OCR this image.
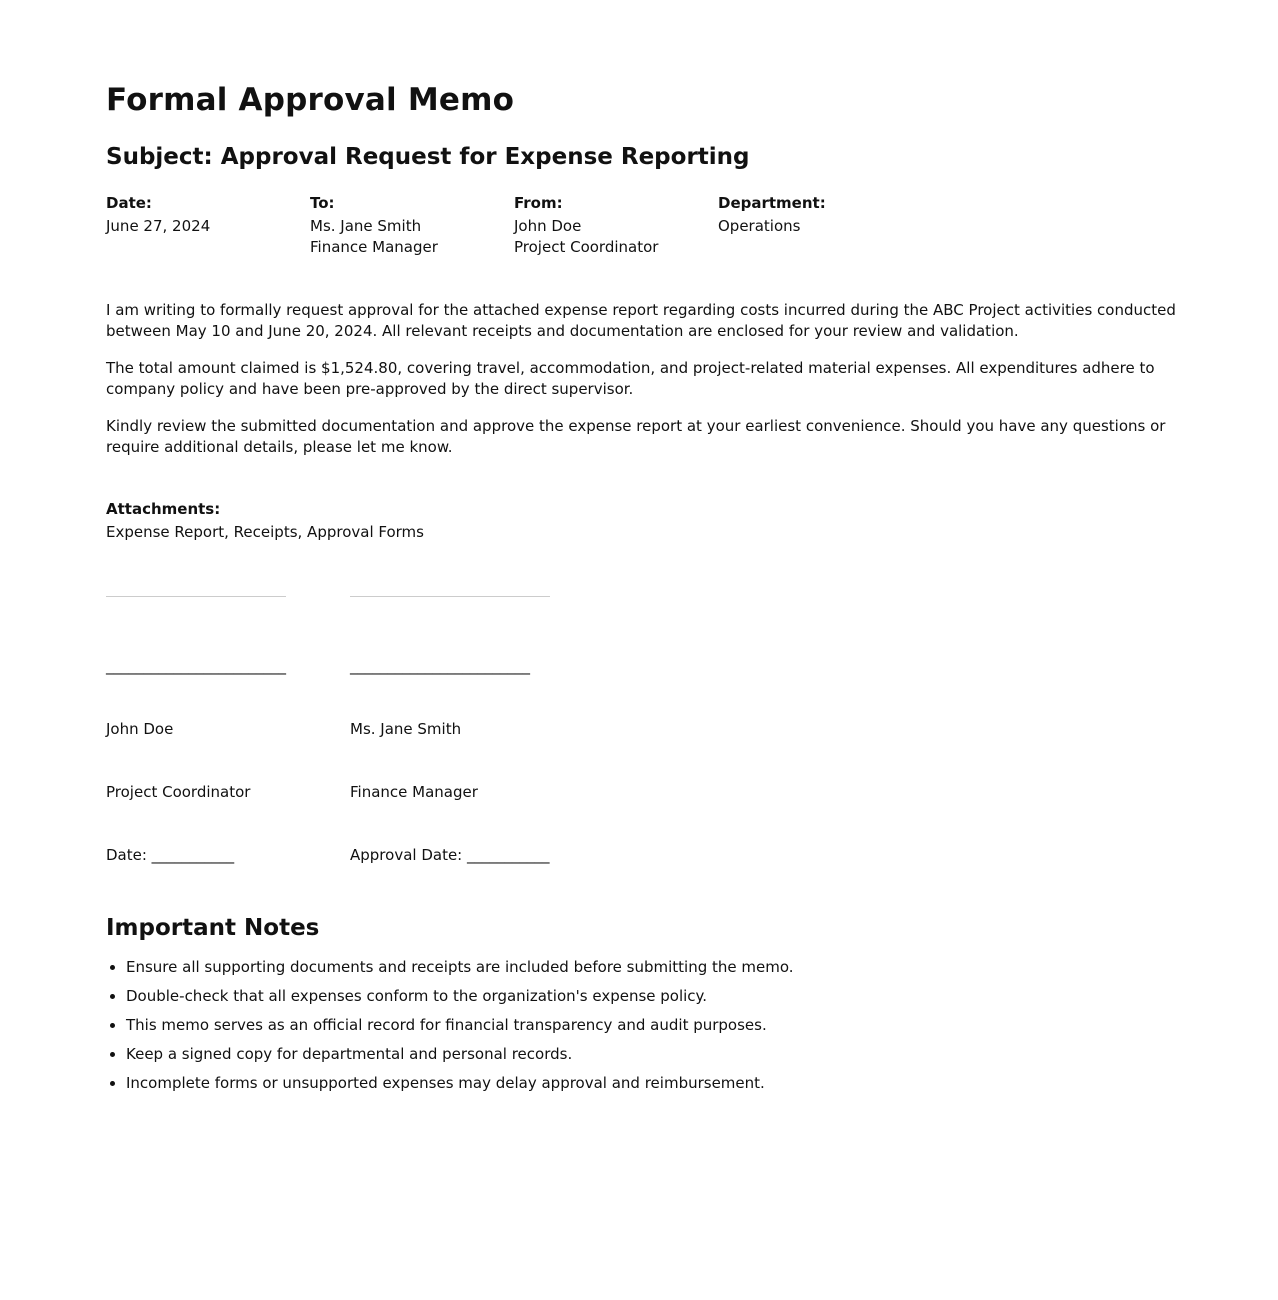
Formal Approval Memo
Subject: Approval Request for Expense Reporting
Date:
June 27, 2024
To:
Ms. Jane Smith
Finance Manager
From:
John Doe
Project Coordinator
Department:
Operations

I am writing to formally request approval for the attached expense report regarding costs incurred during the ABC Project activities conducted between May 10 and June 20, 2024. All relevant receipts and documentation are enclosed for your review and validation.

The total amount claimed is $1,524.80, covering travel, accommodation, and project-related material expenses. All expenditures adhere to company policy and have been pre-approved by the direct supervisor.

Kindly review the submitted documentation and approve the expense report at your earliest convenience. Should you have any questions or require additional details, please let me know.

Attachments:
Expense Report, Receipts, Approval Forms

________________________

John Doe

Project Coordinator

Date: ___________

________________________

Ms. Jane Smith

Finance Manager

Approval Date: ___________

Important Notes
• Ensure all supporting documents and receipts are included before submitting the memo.
• Double-check that all expenses conform to the organization's expense policy.
• This memo serves as an official record for financial transparency and audit purposes.
• Keep a signed copy for departmental and personal records.
• Incomplete forms or unsupported expenses may delay approval and reimbursement.
